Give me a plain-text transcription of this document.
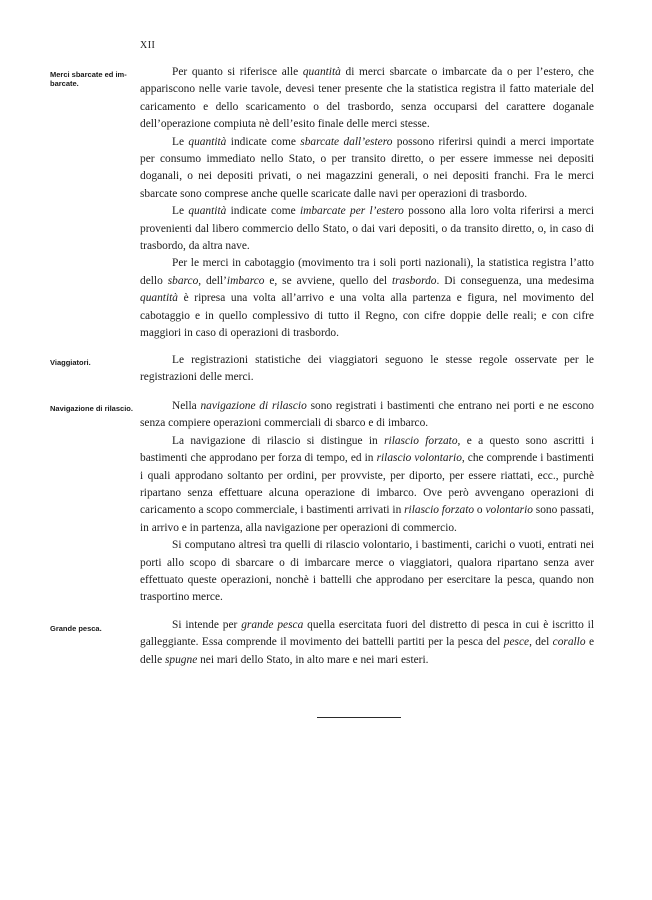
XII
Merci sbarcate ed imbarcate.

Per quanto si riferisce alle quantità di merci sbarcate o imbarcate da o per l’estero, che appariscono nelle varie tavole, devesi tener presente che la statistica registra il fatto materiale del caricamento e dello scaricamento o del trasbordo, senza occuparsi del carattere doganale dell’operazione compiuta nè dell’esito finale delle merci stesse.

Le quantità indicate come sbarcate dall’estero possono riferirsi quindi a merci importate per consumo immediato nello Stato, o per transito diretto, o per essere immesse nei depositi doganali, o nei depositi privati, o nei magazzini generali, o nei depositi franchi. Fra le merci sbarcate sono comprese anche quelle scaricate dalle navi per operazioni di trasbordo.

Le quantità indicate come imbarcate per l’estero possono alla loro volta riferirsi a merci provenienti dal libero commercio dello Stato, o dai vari depositi, o da transito diretto, o, in caso di trasbordo, da altra nave.

Per le merci in cabotaggio (movimento tra i soli porti nazionali), la statistica registra l’atto dello sbarco, dell’imbarco e, se avviene, quello del trasbordo. Di conseguenza, una medesima quantità è ripresa una volta all’arrivo e una volta alla partenza e figura, nel movimento del cabotaggio e in quello complessivo di tutto il Regno, con cifre doppie delle reali; e con cifre maggiori in caso di operazioni di trasbordo.

Viaggiatori.	Le registrazioni statistiche dei viaggiatori seguono le stesse regole osservate per le registrazioni delle merci.

Navigazione di rilascio.	Nella navigazione di rilascio sono registrati i bastimenti che entrano nei porti e ne escono senza compiere operazioni commerciali di sbarco e di imbarco.

La navigazione di rilascio si distingue in rilascio forzato, e a questo sono ascritti i bastimenti che approdano per forza di tempo, ed in rilascio volontario, che comprende i bastimenti i quali approdano soltanto per ordini, per provviste, per diporto, per essere riattati, ecc., purchè ripartano senza effettuare alcuna operazione di imbarco. Ove però avvengano operazioni di caricamento a scopo commerciale, i bastimenti arrivati in rilascio forzato o volontario sono passati, in arrivo e in partenza, alla navigazione per operazioni di commercio.

Si computano altresì tra quelli di rilascio volontario, i bastimenti, carichi o vuoti, entrati nei porti allo scopo di sbarcare o di imbarcare merce o viaggiatori, qualora ripartano senza aver effettuato queste operazioni, nonchè i battelli che approdano per esercitare la pesca, quando non trasportino merce.

Grande pesca.	Si intende per grande pesca quella esercitata fuori del distretto di pesca in cui è iscritto il galleggiante. Essa comprende il movimento dei battelli partiti per la pesca del pesce, del corallo e delle spugne nei mari dello Stato, in alto mare e nei mari esteri.
